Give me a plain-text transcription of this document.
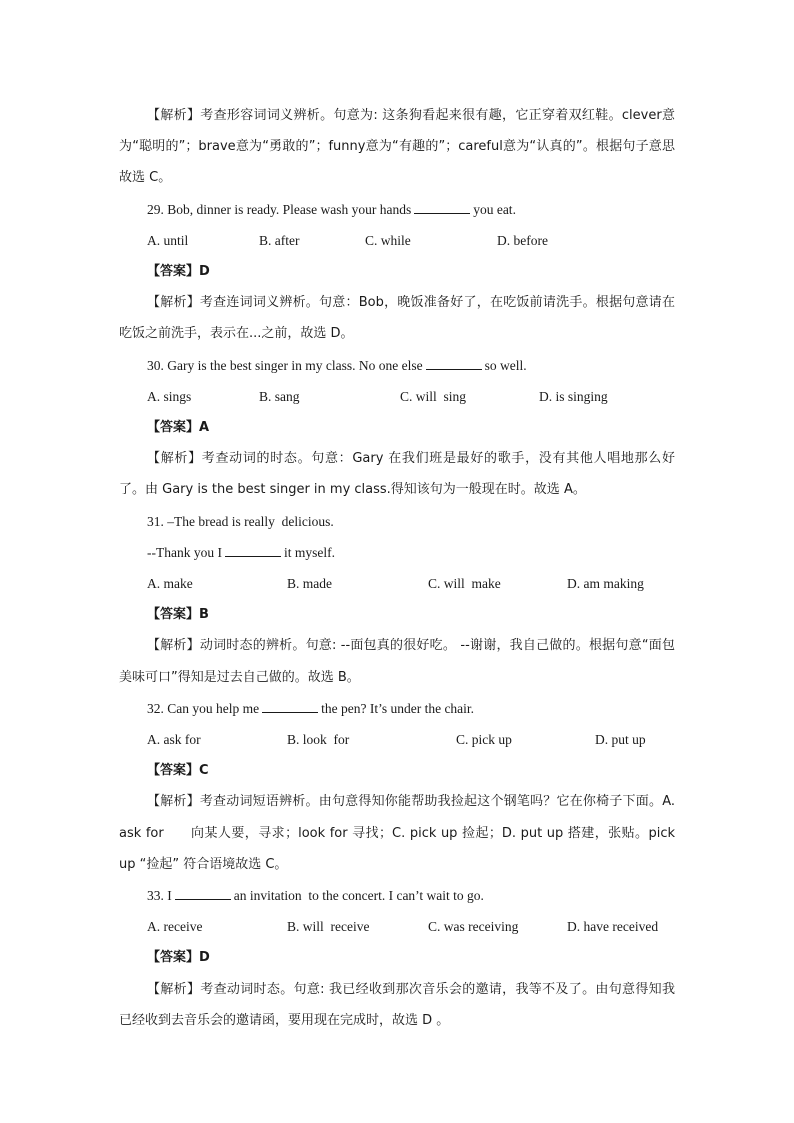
【解析】考查形容词词义辨析。句意为: 这条狗看起来很有趣，它正穿着双红鞋。clever意为“聪明的”；brave意为“勇敢的”；funny意为“有趣的”；careful意为“认真的”。根据句子意思故选 C。

29. Bob, dinner is ready. Please wash your hands	you eat.

A. until	B. after	C. while	D. before

【答案】D

【解析】考查连词词义辨析。句意：Bob，晚饭准备好了，在吃饭前请洗手。根据句意请在吃饭之前洗手，表示在...之前，故选 D。

30. Gary is the best singer in my class. No one else	so well.

A. sings	B. sang	C. will  sing	D. is singing

【答案】A

【解析】考查动词的时态。句意：Gary 在我们班是最好的歌手，没有其他人唱地那么好了。由 Gary is the best singer in my class.得知该句为一般现在时。故选 A。

31. –The bread is really  delicious.

--Thank you I	it myself.

A. make	B. made	C. will  make	D. am making

【答案】B

【解析】动词时态的辨析。句意: --面包真的很好吃。 --谢谢，我自己做的。根据句意“面包美味可口”得知是过去自己做的。故选 B。

32. Can you help me	the pen? It’s under the chair.

A. ask for	B. look  for	C. pick up	D. put up

【答案】C

【解析】考查动词短语辨析。由句意得知你能帮助我捡起这个钢笔吗？它在你椅子下面。A. ask for　　向某人要，寻求；look for 寻找；C. pick up 捡起；D. put up 搭建，张贴。pick up “捡起” 符合语境故选 C。

33. I	an invitation  to the concert. I can’t wait to go.

A. receive	B. will  receive	C. was receiving	D. have received

【答案】D

【解析】考查动词时态。句意: 我已经收到那次音乐会的邀请，我等不及了。由句意得知我已经收到去音乐会的邀请函，要用现在完成时，故选 D 。
